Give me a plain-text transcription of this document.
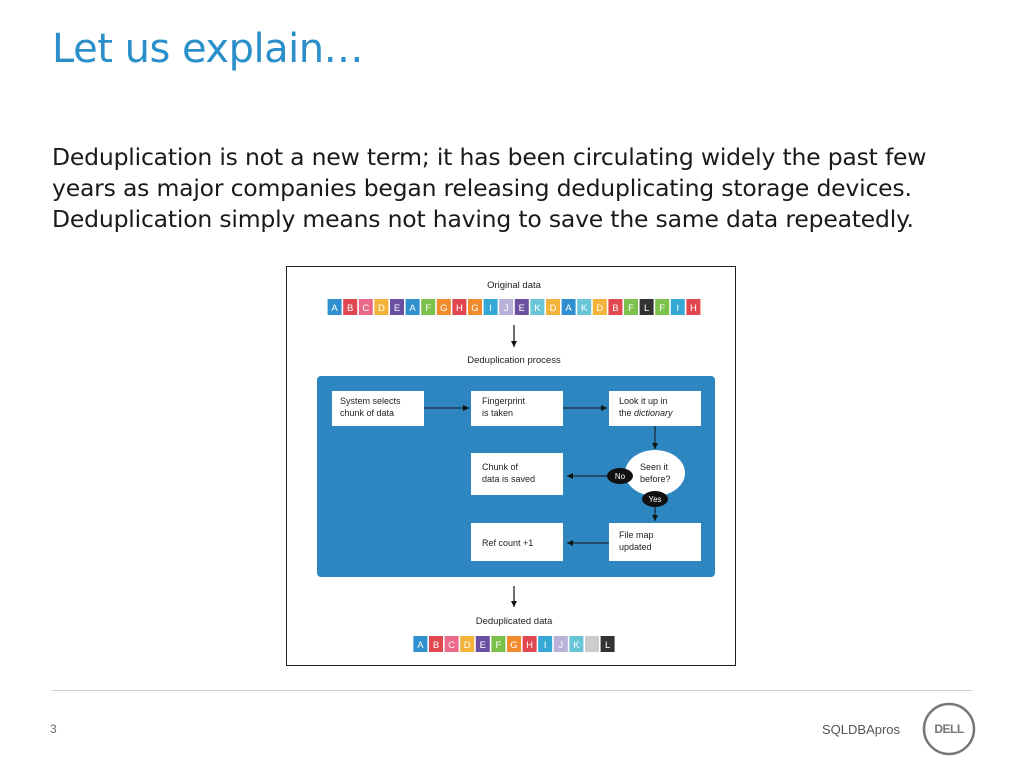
Let us explain…
Deduplication is not a new term; it has been circulating widely the past few years as major companies began releasing deduplicating storage devices. Deduplication simply means not having to save the same data repeatedly.
Original data
A B C D E A F G H G I J E K D A K D B F L F I H
Deduplication process
System selects
chunk of data
Fingerprint
is taken
Look it up in
the dictionary
Chunk of
data is saved
Seen it
before?
No
Yes
File map
updated
Ref count +1
Deduplicated data
A B C D E F G H I J K	L
3	SQLDBApros	DELL
